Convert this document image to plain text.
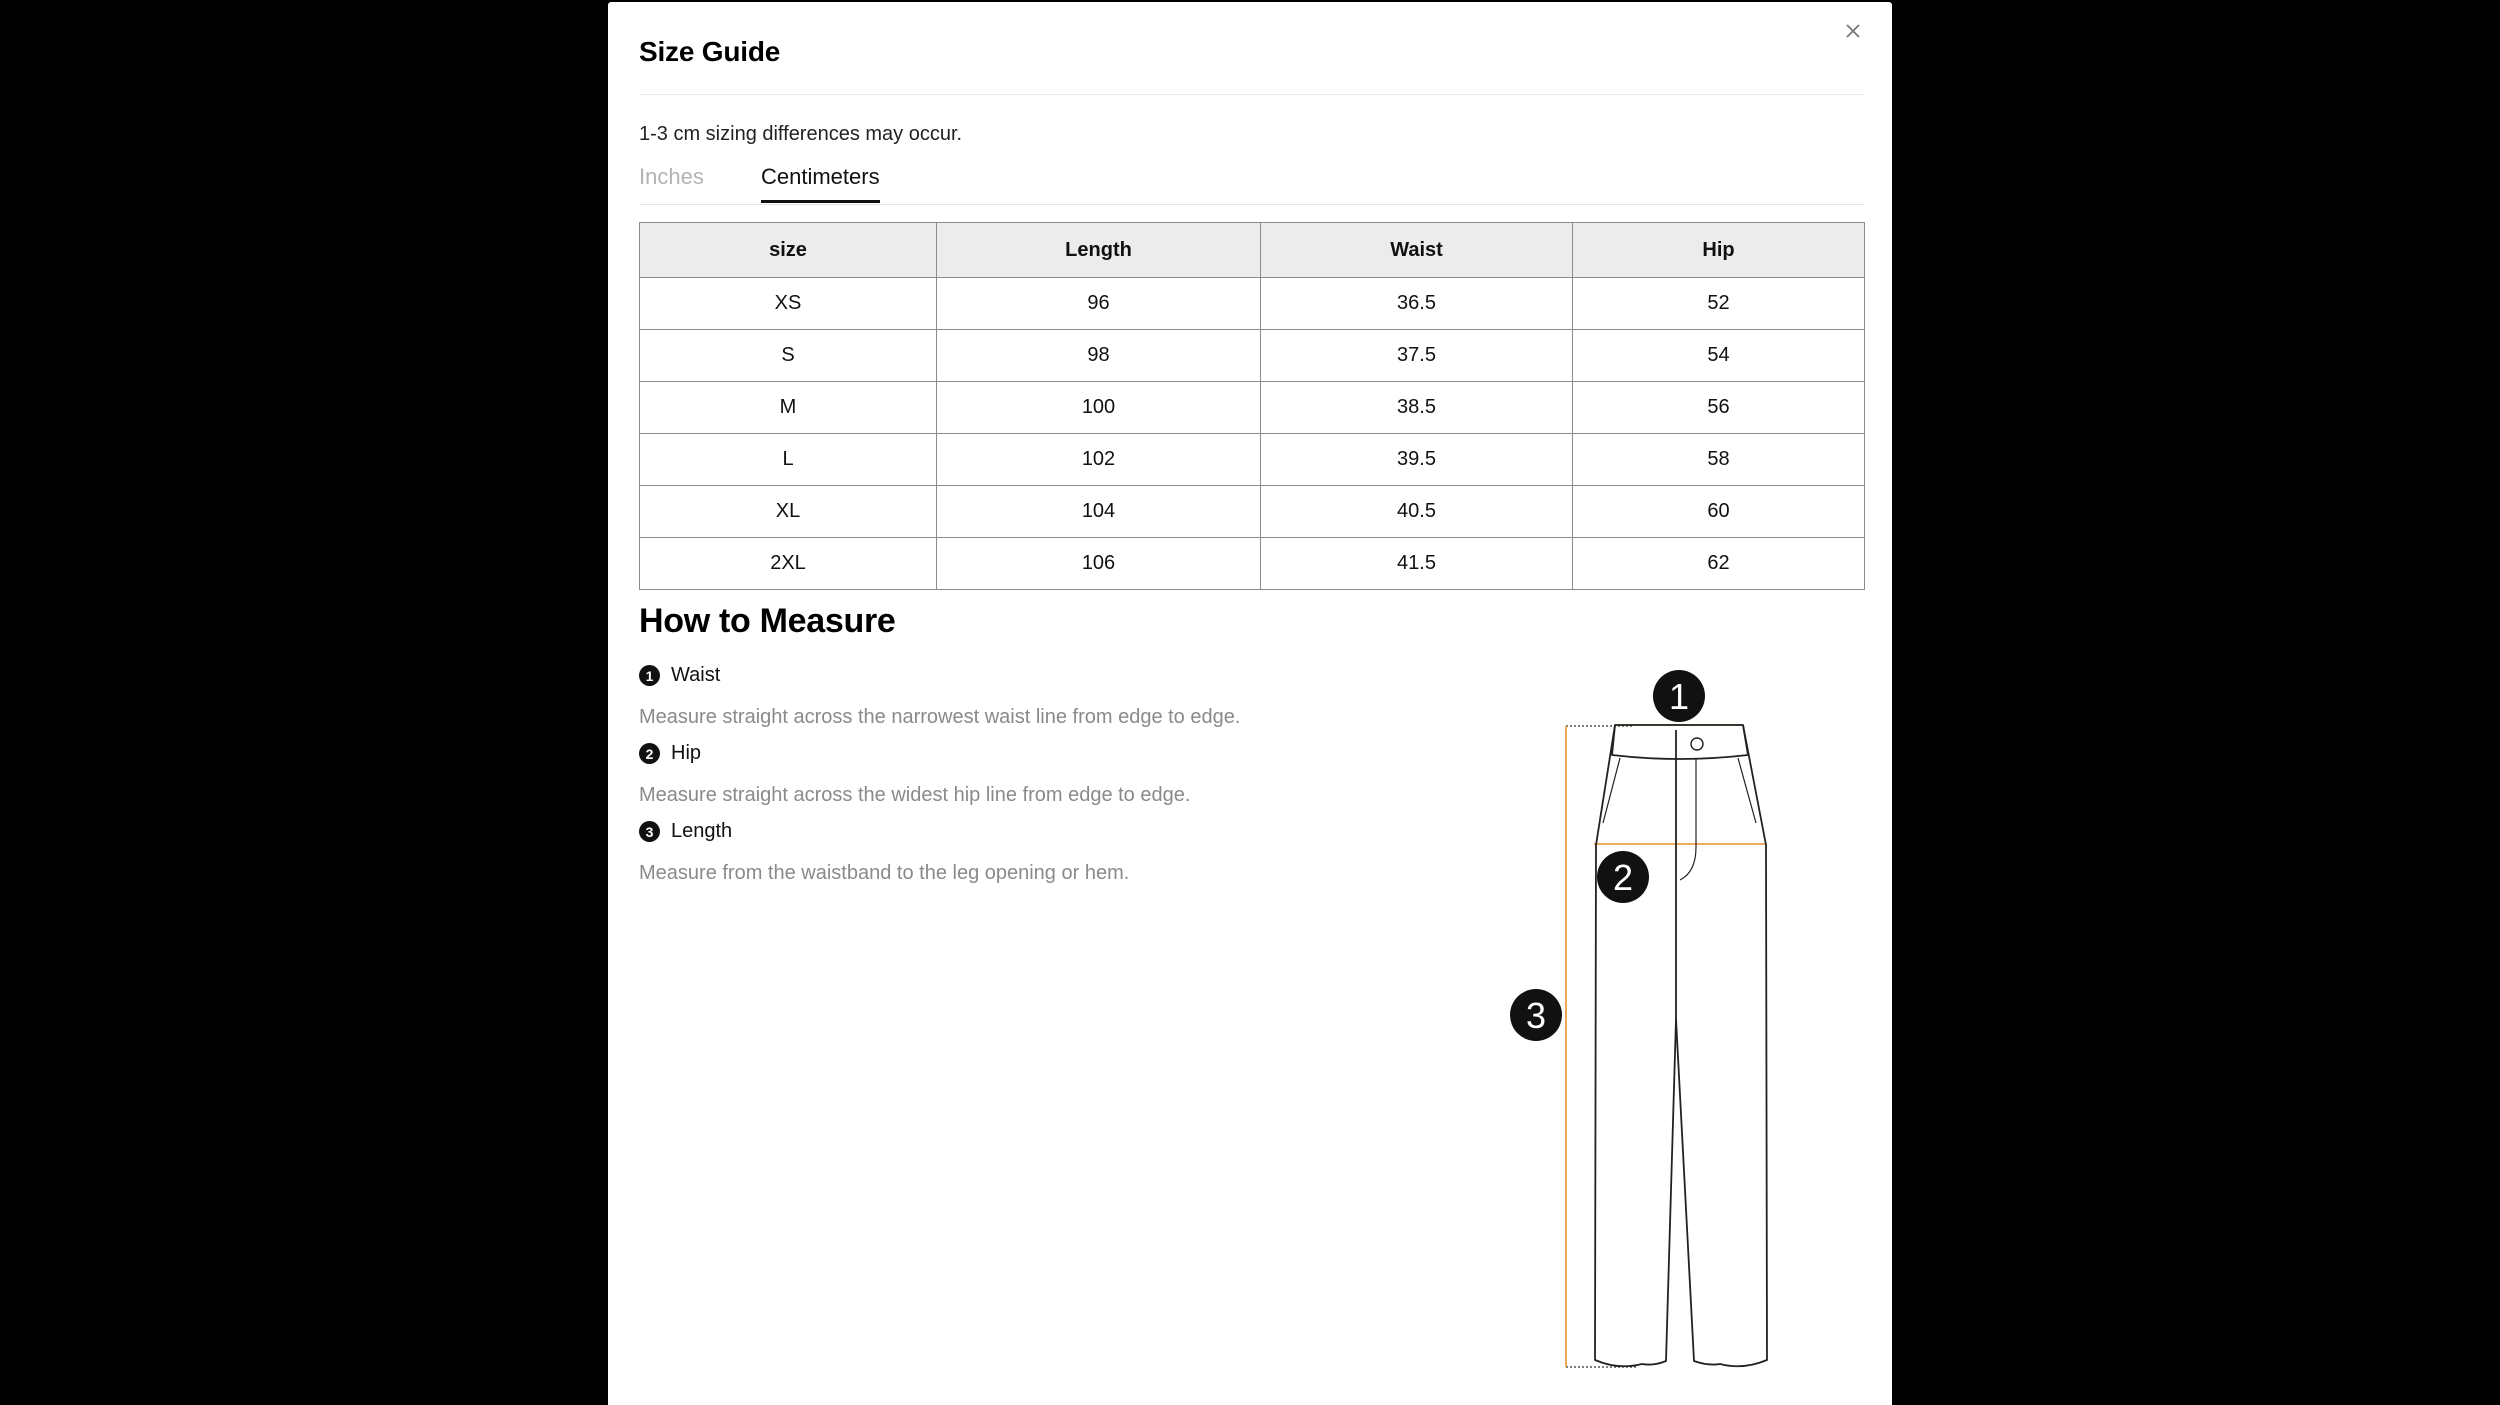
Size Guide
1-3 cm sizing differences may occur.
Inches	Centimeters
size	Length	Waist	Hip
XS	96	36.5	52
S	98	37.5	54
M	100	38.5	56
L	102	39.5	58
XL	104	40.5	60
2XL	106	41.5	62
How to Measure
1 Waist
Measure straight across the narrowest waist line from edge to edge.
2 Hip
Measure straight across the widest hip line from edge to edge.
3 Length
Measure from the waistband to the leg opening or hem.
1
2
3
